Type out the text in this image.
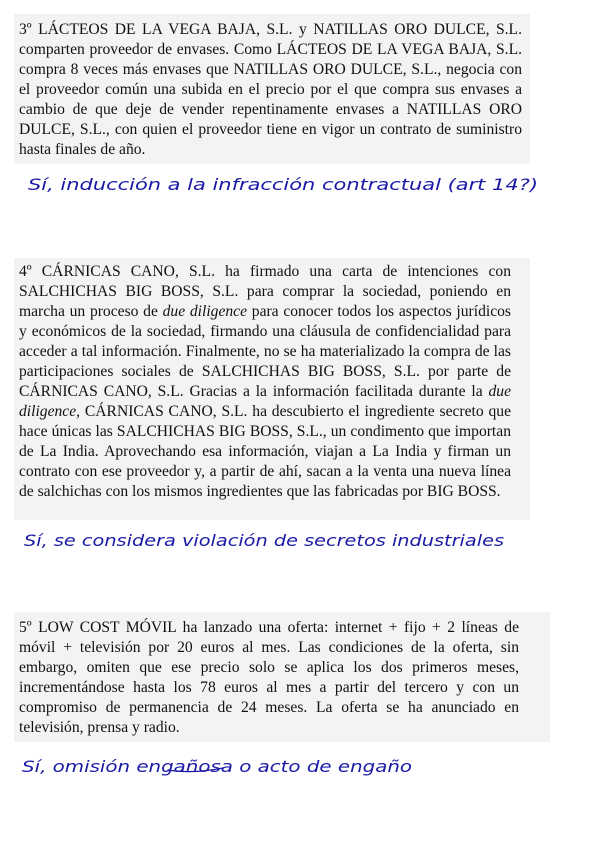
3º LÁCTEOS DE LA VEGA BAJA, S.L. y NATILLAS ORO DULCE, S.L. comparten proveedor de envases. Como LÁCTEOS DE LA VEGA BAJA, S.L. compra 8 veces más envases que NATILLAS ORO DULCE, S.L., negocia con el proveedor común una subida en el precio por el que compra sus envases a cambio de que deje de vender repentinamente envases a NATILLAS ORO DULCE, S.L., con quien el proveedor tiene en vigor un contrato de suministro hasta finales de año.
Sí, inducción a la infracción contractual (art 14?)
4º CÁRNICAS CANO, S.L. ha firmado una carta de intenciones con SALCHICHAS BIG BOSS, S.L. para comprar la sociedad, poniendo en marcha un proceso de due diligence para conocer todos los aspectos jurídicos y económicos de la sociedad, firmando una cláusula de confidencialidad para acceder a tal información. Finalmente, no se ha materializado la compra de las participaciones sociales de SALCHICHAS BIG BOSS, S.L. por parte de CÁRNICAS CANO, S.L. Gracias a la información facilitada durante la due diligence, CÁRNICAS CANO, S.L. ha descubierto el ingrediente secreto que hace únicas las SALCHICHAS BIG BOSS, S.L., un condimento que importan de La India. Aprovechando esa información, viajan a La India y firman un contrato con ese proveedor y, a partir de ahí, sacan a la venta una nueva línea de salchichas con los mismos ingredientes que las fabricadas por BIG BOSS.
Sí, se considera violación de secretos industriales
5º LOW COST MÓVIL ha lanzado una oferta: internet + fijo + 2 líneas de móvil + televisión por 20 euros al mes. Las condiciones de la oferta, sin embargo, omiten que ese precio solo se aplica los dos primeros meses, incrementándose hasta los 78 euros al mes a partir del tercero y con un compromiso de permanencia de 24 meses. La oferta se ha anunciado en televisión, prensa y radio.
Sí, omisión engañosa o acto de engaño
